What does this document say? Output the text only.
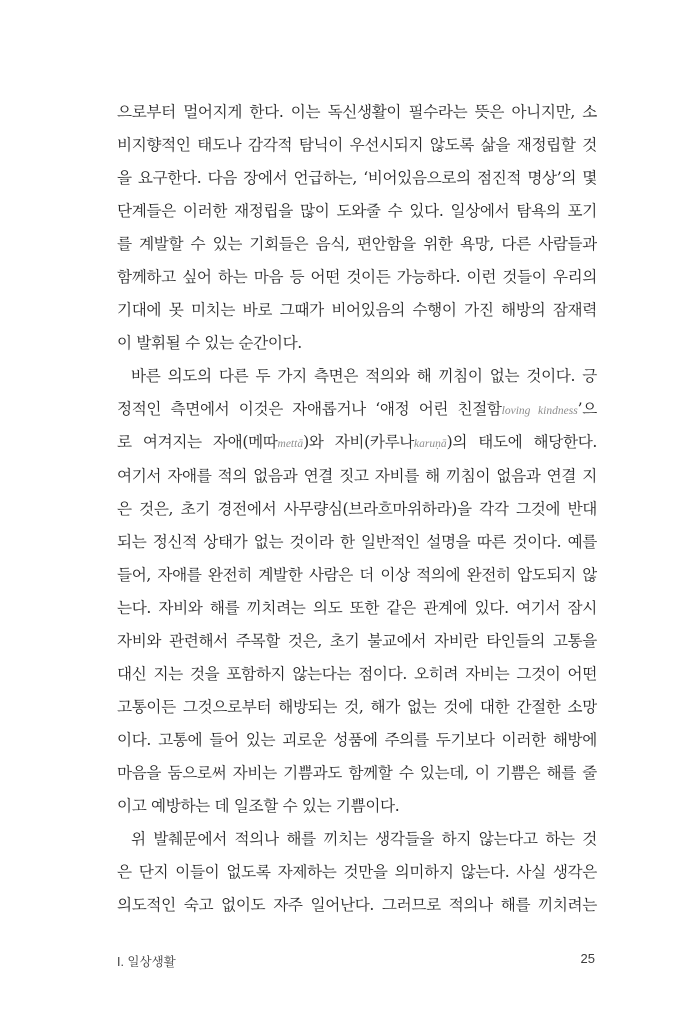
으로부터 멀어지게 한다. 이는 독신생활이 필수라는 뜻은 아니지만, 소
비지향적인 태도나 감각적 탐닉이 우선시되지 않도록 삶을 재정립할 것
을 요구한다. 다음 장에서 언급하는, ‘비어있음으로의 점진적 명상’의 몇
단계들은 이러한 재정립을 많이 도와줄 수 있다. 일상에서 탐욕의 포기
를 계발할 수 있는 기회들은 음식, 편안함을 위한 욕망, 다른 사람들과
함께하고 싶어 하는 마음 등 어떤 것이든 가능하다. 이런 것들이 우리의
기대에 못 미치는 바로 그때가 비어있음의 수행이 가진 해방의 잠재력
이 발휘될 수 있는 순간이다.
바른 의도의 다른 두 가지 측면은 적의와 해 끼침이 없는 것이다. 긍
정적인 측면에서 이것은 자애롭거나 ‘애정 어린 친절함loving kindness’으
로 여겨지는 자애(메따mettā)와 자비(카루나karuṇā)의 태도에 해당한다.
여기서 자애를 적의 없음과 연결 짓고 자비를 해 끼침이 없음과 연결 지
은 것은, 초기 경전에서 사무량심(브라흐마위하라)을 각각 그것에 반대
되는 정신적 상태가 없는 것이라 한 일반적인 설명을 따른 것이다. 예를
들어, 자애를 완전히 계발한 사람은 더 이상 적의에 완전히 압도되지 않
는다. 자비와 해를 끼치려는 의도 또한 같은 관계에 있다. 여기서 잠시
자비와 관련해서 주목할 것은, 초기 불교에서 자비란 타인들의 고통을
대신 지는 것을 포함하지 않는다는 점이다. 오히려 자비는 그것이 어떤
고통이든 그것으로부터 해방되는 것, 해가 없는 것에 대한 간절한 소망
이다. 고통에 들어 있는 괴로운 성품에 주의를 두기보다 이러한 해방에
마음을 둠으로써 자비는 기쁨과도 함께할 수 있는데, 이 기쁨은 해를 줄
이고 예방하는 데 일조할 수 있는 기쁨이다.
위 발췌문에서 적의나 해를 끼치는 생각들을 하지 않는다고 하는 것
은 단지 이들이 없도록 자제하는 것만을 의미하지 않는다. 사실 생각은
의도적인 숙고 없이도 자주 일어난다. 그러므로 적의나 해를 끼치려는
I. 일상생활	25
